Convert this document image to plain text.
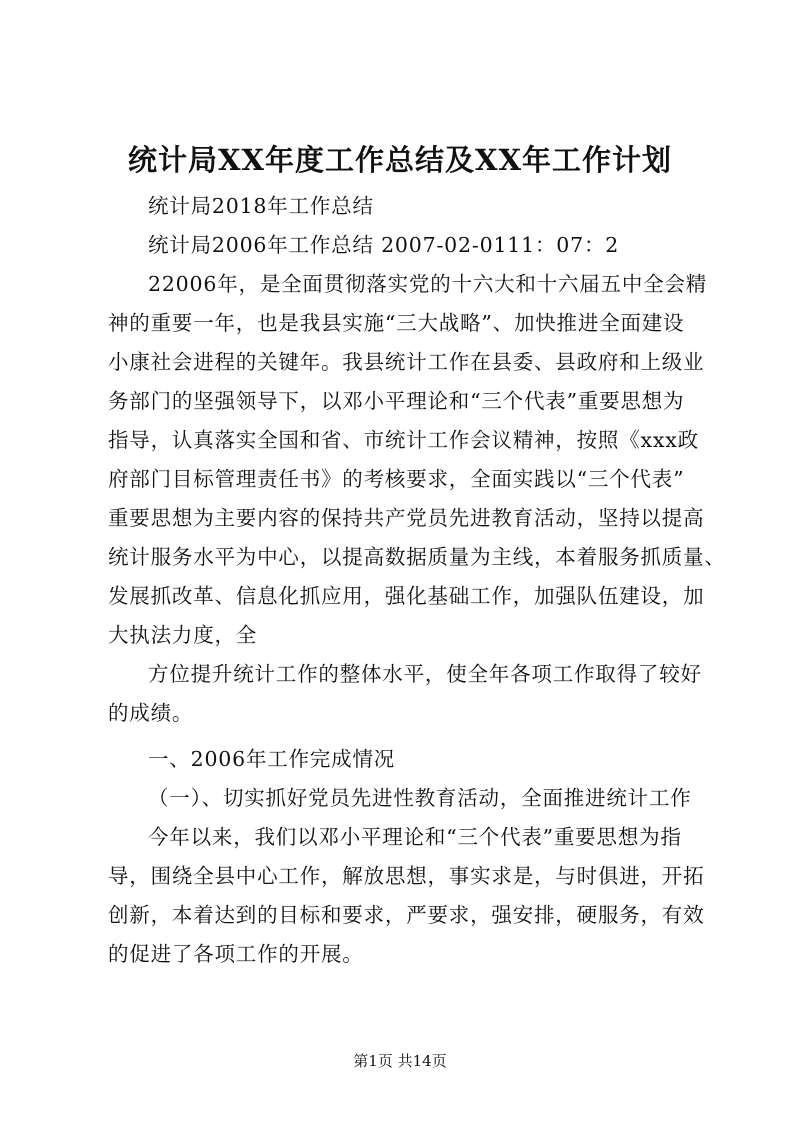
统计局XX年度工作总结及XX年工作计划
统计局2018年工作总结
统计局2006年工作总结 2007-02-0111：07：2
22006年，是全面贯彻落实党的十六大和十六届五中全会精
神的重要一年，也是我县实施“三大战略”、加快推进全面建设
小康社会进程的关键年。我县统计工作在县委、县政府和上级业
务部门的坚强领导下，以邓小平理论和“三个代表”重要思想为
指导，认真落实全国和省、市统计工作会议精神，按照《xxx政
府部门目标管理责任书》的考核要求，全面实践以“三个代表”
重要思想为主要内容的保持共产党员先进教育活动，坚持以提高
统计服务水平为中心，以提高数据质量为主线，本着服务抓质量、
发展抓改革、信息化抓应用，强化基础工作，加强队伍建设，加
大执法力度，全
方位提升统计工作的整体水平，使全年各项工作取得了较好
的成绩。
一、2006年工作完成情况
（一）、切实抓好党员先进性教育活动，全面推进统计工作
今年以来，我们以邓小平理论和“三个代表”重要思想为指
导，围绕全县中心工作，解放思想，事实求是，与时俱进，开拓
创新，本着达到的目标和要求，严要求，强安排，硬服务，有效
的促进了各项工作的开展。
第1页 共14页
